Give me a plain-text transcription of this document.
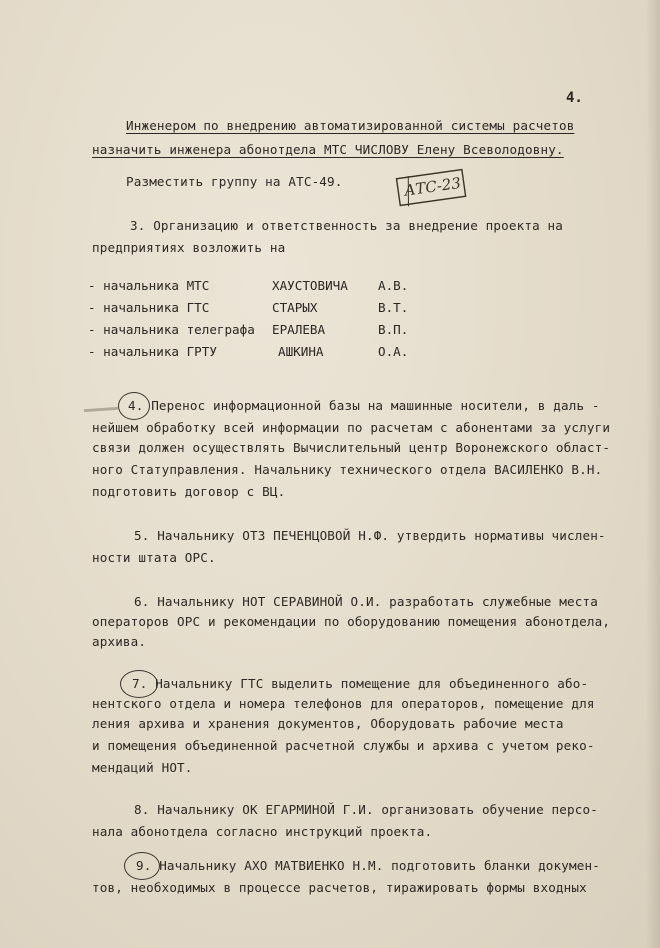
4.
Инженером по внедрению автоматизированной системы расчетов
назначить инженера абонотдела МТС ЧИСЛОВУ Елену Всеволодовну.
Разместить группу на АТС-49.	АТС-23
3. Организацию и ответственность за внедрение проекта на
предприятиях возложить на
- начальника МТС	ХАУСТОВИЧА А.В.
- начальника ГТС	СТАРЫХ	В.Т.
- начальника телеграфа ЕРАЛЕВА	В.П.
- начальника ГРТУ	АШКИНА	О.А.
4. Перенос информационной базы на машинные носители, в даль -
нейшем обработку всей информации по расчетам с абонентами за услуги
связи должен осуществлять Вычислительный центр Воронежского област-
ного Статуправления. Начальнику технического отдела ВАСИЛЕНКО В.Н.
подготовить договор с ВЦ.
5. Начальнику ОТЗ ПЕЧЕНЦОВОЙ Н.Ф. утвердить нормативы числен-
ности штата ОРС.
6. Начальнику НОТ СЕРАВИНОЙ О.И. разработать служебные места
операторов ОРС и рекомендации по оборудованию помещения абонотдела,
архива.
7. Начальнику ГТС выделить помещение для объединенного або-
нентского отдела и номера телефонов для операторов, помещение для
ления архива и хранения документов, Оборудовать рабочие места
и помещения объединенной расчетной службы и архива с учетом реко-
мендаций НОТ.
8. Начальнику ОК ЕГАРМИНОЙ Г.И. организовать обучение персо-
нала абонотдела согласно инструкций проекта.
9. Начальнику АХО МАТВИЕНКО Н.М. подготовить бланки докумен-
тов, необходимых в процессе расчетов, тиражировать формы входных
